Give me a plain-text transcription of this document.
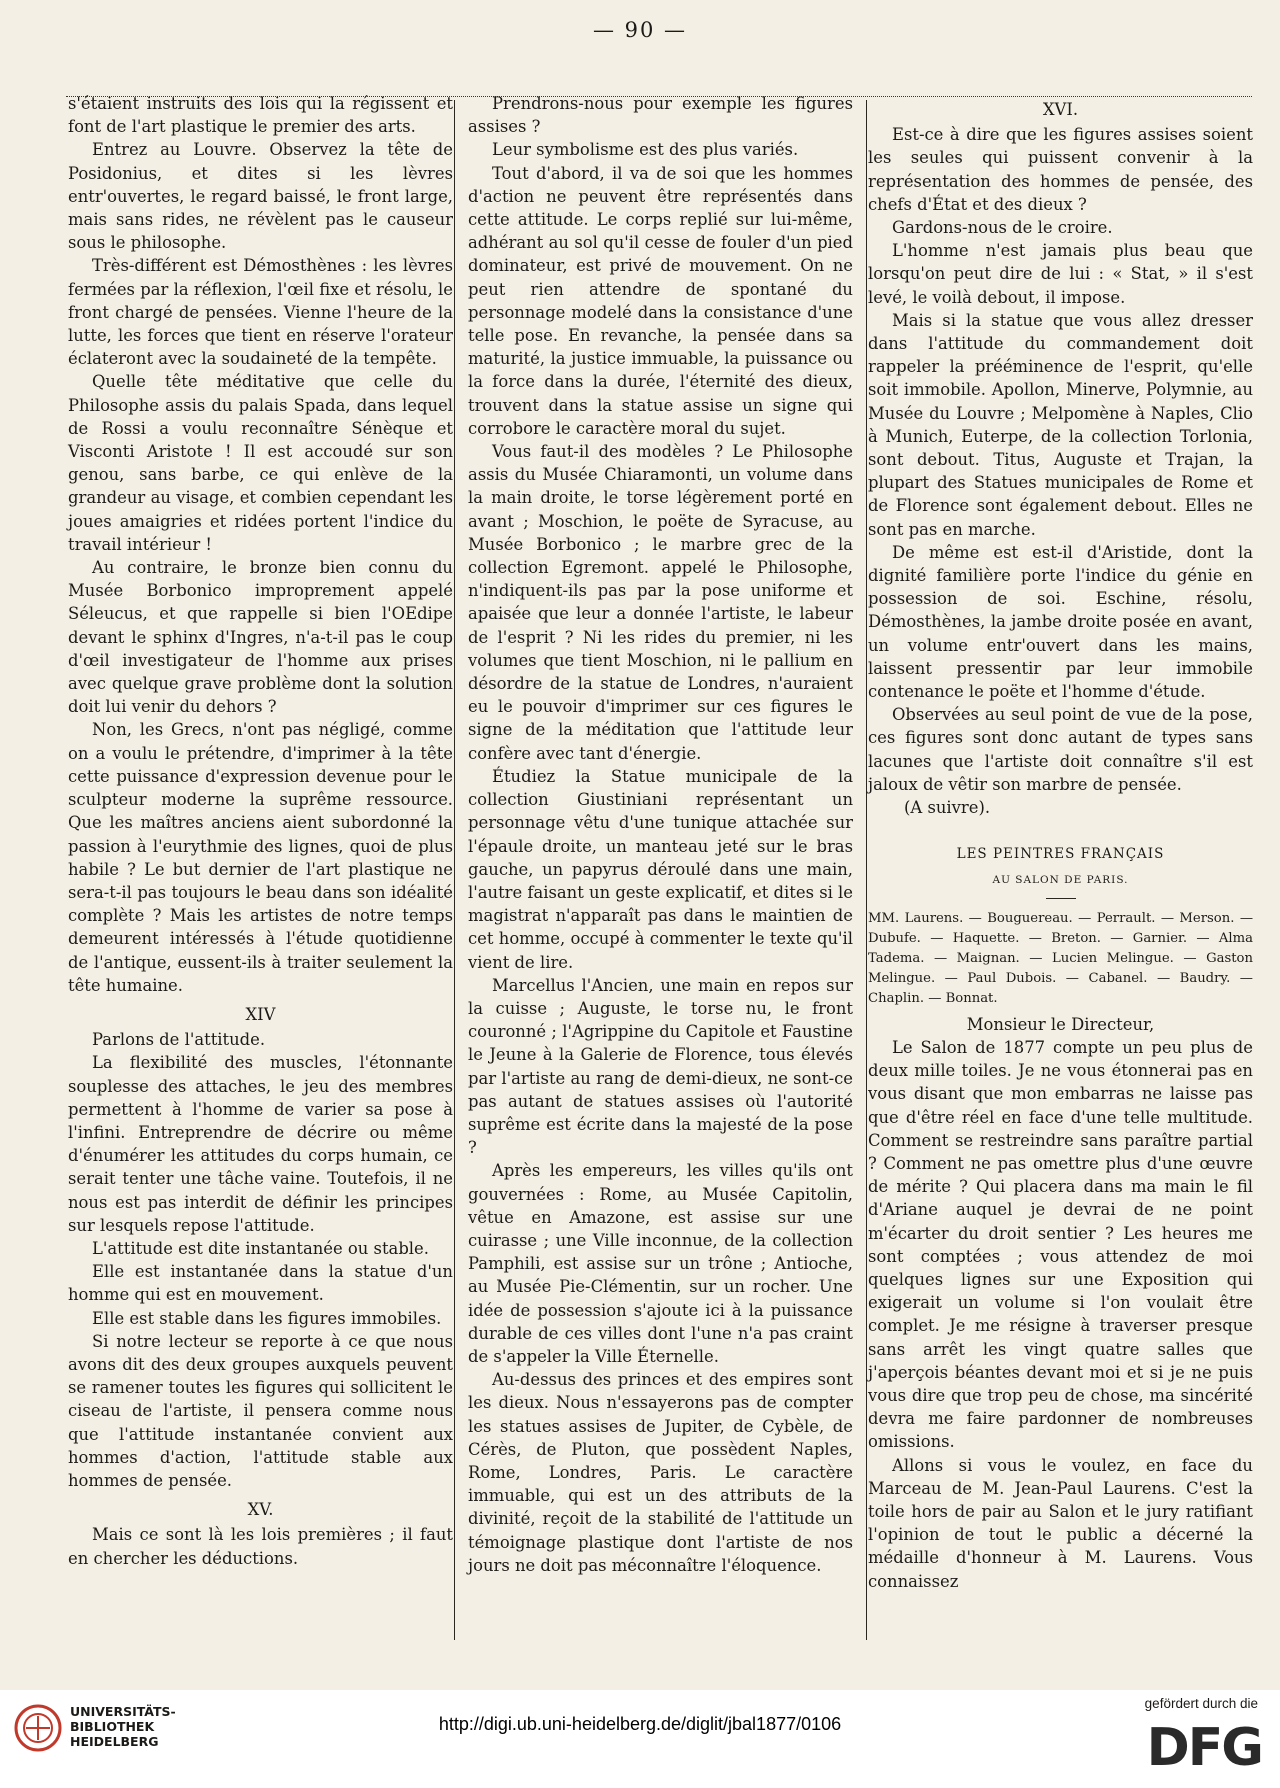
— 90 —

s'étaient instruits des lois qui la régissent et font de l'art plastique le premier des arts.

Entrez au Louvre. Observez la tête de Posidonius, et dites si les lèvres entr'ouvertes, le regard baissé, le front large, mais sans rides, ne révèlent pas le causeur sous le philosophe.

Très-différent est Démosthènes : les lèvres fermées par la réflexion, l'œil fixe et résolu, le front chargé de pensées. Vienne l'heure de la lutte, les forces que tient en réserve l'orateur éclateront avec la soudaineté de la tempête.

Quelle tête méditative que celle du Philosophe assis du palais Spada, dans lequel de Rossi a voulu reconnaître Sénèque et Visconti Aristote ! Il est accoudé sur son genou, sans barbe, ce qui enlève de la grandeur au visage, et combien cependant les joues amaigries et ridées portent l'indice du travail intérieur !

Au contraire, le bronze bien connu du Musée Borbonico improprement appelé Séleucus, et que rappelle si bien l'OEdipe devant le sphinx d'Ingres, n'a-t-il pas le coup d'œil investigateur de l'homme aux prises avec quelque grave problème dont la solution doit lui venir du dehors ?

Non, les Grecs, n'ont pas négligé, comme on a voulu le prétendre, d'imprimer à la tête cette puissance d'expression devenue pour le sculpteur moderne la suprême ressource. Que les maîtres anciens aient subordonné la passion à l'eurythmie des lignes, quoi de plus habile ? Le but dernier de l'art plastique ne sera-t-il pas toujours le beau dans son idéalité complète ? Mais les artistes de notre temps demeurent intéressés à l'étude quotidienne de l'antique, eussent-ils à traiter seulement la tête humaine.

XIV

Parlons de l'attitude.

La flexibilité des muscles, l'étonnante souplesse des attaches, le jeu des membres permettent à l'homme de varier sa pose à l'infini. Entreprendre de décrire ou même d'énumérer les attitudes du corps humain, ce serait tenter une tâche vaine. Toutefois, il ne nous est pas interdit de définir les principes sur lesquels repose l'attitude.

L'attitude est dite instantanée ou stable.

Elle est instantanée dans la statue d'un homme qui est en mouvement.

Elle est stable dans les figures immobiles.

Si notre lecteur se reporte à ce que nous avons dit des deux groupes auxquels peuvent se ramener toutes les figures qui sollicitent le ciseau de l'artiste, il pensera comme nous que l'attitude instantanée convient aux hommes d'action, l'attitude stable aux hommes de pensée.

XV.

Mais ce sont là les lois premières ; il faut en chercher les déductions.

Prendrons-nous pour exemple les figures assises ?

Leur symbolisme est des plus variés.

Tout d'abord, il va de soi que les hommes d'action ne peuvent être représentés dans cette attitude. Le corps replié sur lui-même, adhérant au sol qu'il cesse de fouler d'un pied dominateur, est privé de mouvement. On ne peut rien attendre de spontané du personnage modelé dans la consistance d'une telle pose. En revanche, la pensée dans sa maturité, la justice immuable, la puissance ou la force dans la durée, l'éternité des dieux, trouvent dans la statue assise un signe qui corrobore le caractère moral du sujet.

Vous faut-il des modèles ? Le Philosophe assis du Musée Chiaramonti, un volume dans la main droite, le torse légèrement porté en avant ; Moschion, le poëte de Syracuse, au Musée Borbonico ; le marbre grec de la collection Egremont. appelé le Philosophe, n'indiquent-ils pas par la pose uniforme et apaisée que leur a donnée l'artiste, le labeur de l'esprit ? Ni les rides du premier, ni les volumes que tient Moschion, ni le pallium en désordre de la statue de Londres, n'auraient eu le pouvoir d'imprimer sur ces figures le signe de la méditation que l'attitude leur confère avec tant d'énergie.

Étudiez la Statue municipale de la collection Giustiniani représentant un personnage vêtu d'une tunique attachée sur l'épaule droite, un manteau jeté sur le bras gauche, un papyrus déroulé dans une main, l'autre faisant un geste explicatif, et dites si le magistrat n'apparaît pas dans le maintien de cet homme, occupé à commenter le texte qu'il vient de lire.

Marcellus l'Ancien, une main en repos sur la cuisse ; Auguste, le torse nu, le front couronné ; l'Agrippine du Capitole et Faustine le Jeune à la Galerie de Florence, tous élevés par l'artiste au rang de demi-dieux, ne sont-ce pas autant de statues assises où l'autorité suprême est écrite dans la majesté de la pose ?

Après les empereurs, les villes qu'ils ont gouvernées : Rome, au Musée Capitolin, vêtue en Amazone, est assise sur une cuirasse ; une Ville inconnue, de la collection Pamphili, est assise sur un trône ; Antioche, au Musée Pie-Clémentin, sur un rocher. Une idée de possession s'ajoute ici à la puissance durable de ces villes dont l'une n'a pas craint de s'appeler la Ville Éternelle.

Au-dessus des princes et des empires sont les dieux. Nous n'essayerons pas de compter les statues assises de Jupiter, de Cybèle, de Cérès, de Pluton, que possèdent Naples, Rome, Londres, Paris. Le caractère immuable, qui est un des attributs de la divinité, reçoit de la stabilité de l'attitude un témoignage plastique dont l'artiste de nos jours ne doit pas méconnaître l'éloquence.

XVI.

Est-ce à dire que les figures assises soient les seules qui puissent convenir à la représentation des hommes de pensée, des chefs d'État et des dieux ?

Gardons-nous de le croire.

L'homme n'est jamais plus beau que lorsqu'on peut dire de lui : « Stat, » il s'est levé, le voilà debout, il impose.

Mais si la statue que vous allez dresser dans l'attitude du commandement doit rappeler la prééminence de l'esprit, qu'elle soit immobile. Apollon, Minerve, Polymnie, au Musée du Louvre ; Melpomène à Naples, Clio à Munich, Euterpe, de la collection Torlonia, sont debout. Titus, Auguste et Trajan, la plupart des Statues municipales de Rome et de Florence sont également debout. Elles ne sont pas en marche.

De même est est-il d'Aristide, dont la dignité familière porte l'indice du génie en possession de soi. Eschine, résolu, Démosthènes, la jambe droite posée en avant, un volume entr'ouvert dans les mains, laissent pressentir par leur immobile contenance le poëte et l'homme d'étude.

Observées au seul point de vue de la pose, ces figures sont donc autant de types sans lacunes que l'artiste doit connaître s'il est jaloux de vêtir son marbre de pensée.

(A suivre).

LES PEINTRES FRANÇAIS

AU SALON DE PARIS.

MM. Laurens. — Bouguereau. — Perrault. — Merson. — Dubufe. — Haquette. — Breton. — Garnier. — Alma Tadema. — Maignan. — Lucien Melingue. — Gaston Melingue. — Paul Dubois. — Cabanel. — Baudry. — Chaplin. — Bonnat.

Monsieur le Directeur,

Le Salon de 1877 compte un peu plus de deux mille toiles. Je ne vous étonnerai pas en vous disant que mon embarras ne laisse pas que d'être réel en face d'une telle multitude. Comment se restreindre sans paraître partial ? Comment ne pas omettre plus d'une œuvre de mérite ? Qui placera dans ma main le fil d'Ariane auquel je devrai de ne point m'écarter du droit sentier ? Les heures me sont comptées ; vous attendez de moi quelques lignes sur une Exposition qui exigerait un volume si l'on voulait être complet. Je me résigne à traverser presque sans arrêt les vingt quatre salles que j'aperçois béantes devant moi et si je ne puis vous dire que trop peu de chose, ma sincérité devra me faire pardonner de nombreuses omissions.

Allons si vous le voulez, en face du Marceau de M. Jean-Paul Laurens. C'est la toile hors de pair au Salon et le jury ratifiant l'opinion de tout le public a décerné la médaille d'honneur à M. Laurens. Vous connaissez

UNIVERSITÄTS-
BIBLIOTHEK
HEIDELBERG
http://digi.ub.uni-heidelberg.de/diglit/jbal1877/0106
gefördert durch die
DFG
